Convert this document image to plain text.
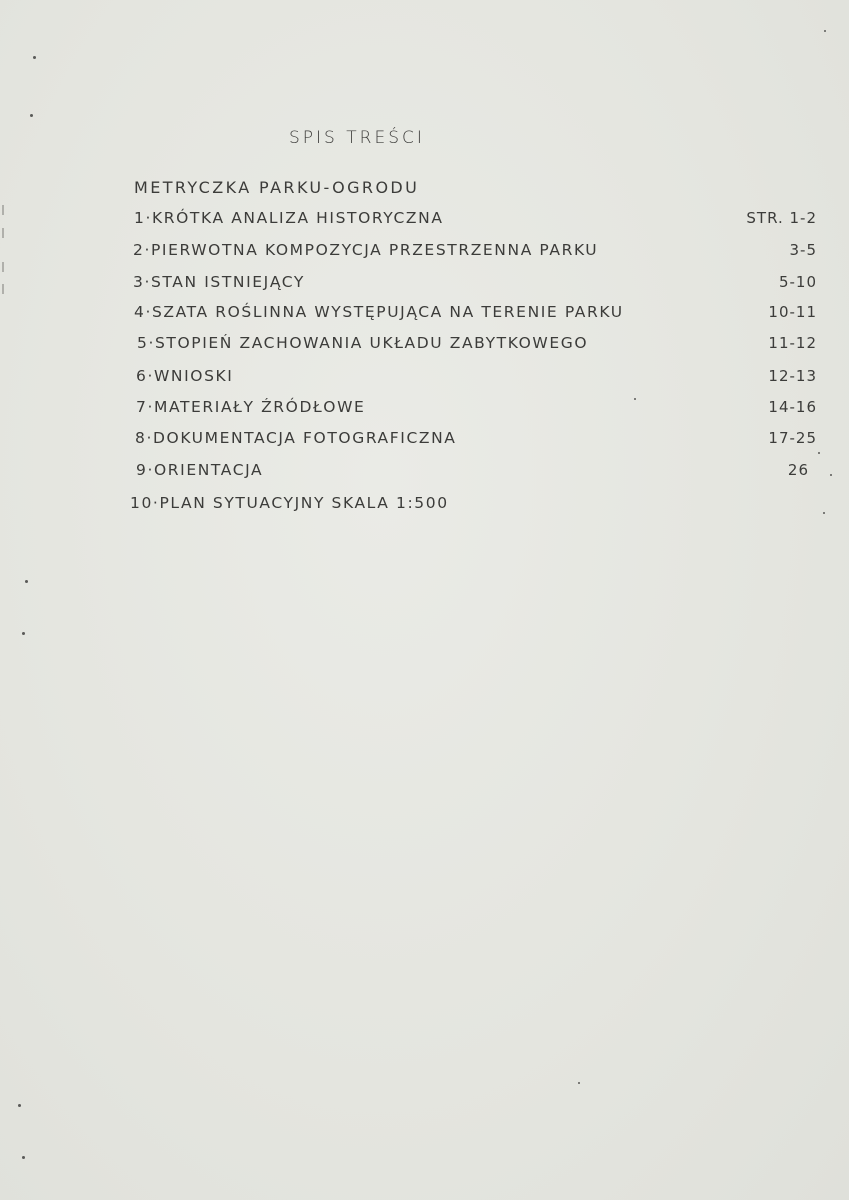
SPIS TREŚCI
METRYCZKA PARKU-OGRODU
1·KRÓTKA ANALIZA HISTORYCZNA	STR. 1-2
2·PIERWOTNA KOMPOZYCJA PRZESTRZENNA PARKU	3-5
3·STAN ISTNIEJĄCY	5-10
4·SZATA ROŚLINNA WYSTĘPUJĄCA NA TERENIE PARKU	10-11
5·STOPIEŃ ZACHOWANIA UKŁADU ZABYTKOWEGO	11-12
6·WNIOSKI	12-13
7·MATERIAŁY ŹRÓDŁOWE	14-16
8·DOKUMENTACJA FOTOGRAFICZNA	17-25
9·ORIENTACJA	26
10·PLAN SYTUACYJNY SKALA 1:500
